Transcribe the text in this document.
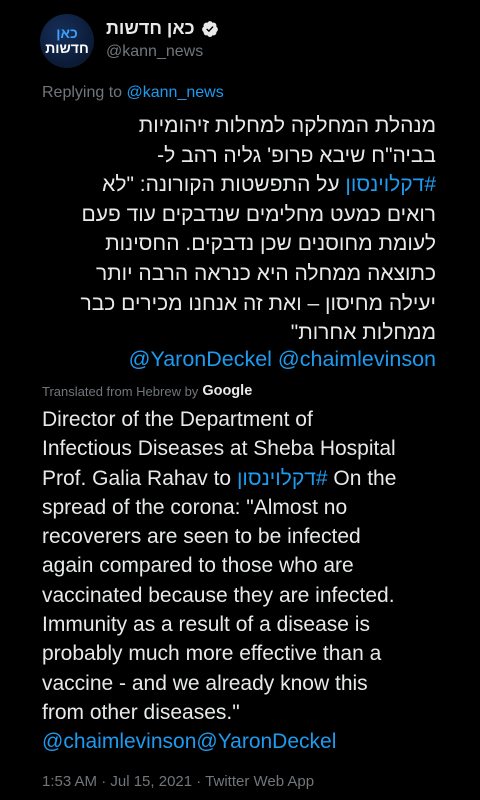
כאן
חדשות
כאן חדשות
@kann_news
Replying to @kann_news
מנהלת המחלקה למחלות זיהומיות
בביה"ח שיבא פרופ' גליה רהב ל-
#דקלוינסון על התפשטות הקורונה: "לא
רואים כמעט מחלימים שנדבקים עוד פעם
לעומת מחוסנים שכן נדבקים. החסינות
כתוצאה ממחלה היא כנראה הרבה יותר
יעילה מחיסון – ואת זה אנחנו מכירים כבר
ממחלות אחרות"
@YaronDeckel @chaimlevinson
Translated from Hebrew by Google
Director of the Department of
Infectious Diseases at Sheba Hospital
Prof. Galia Rahav to #דקלוינסון On the
spread of the corona: "Almost no
recoverers are seen to be infected
again compared to those who are
vaccinated because they are infected.
Immunity as a result of a disease is
probably much more effective than a
vaccine - and we already know this
from other diseases."
@chaimlevinson@YaronDeckel
1:53 AM · Jul 15, 2021 · Twitter Web App
